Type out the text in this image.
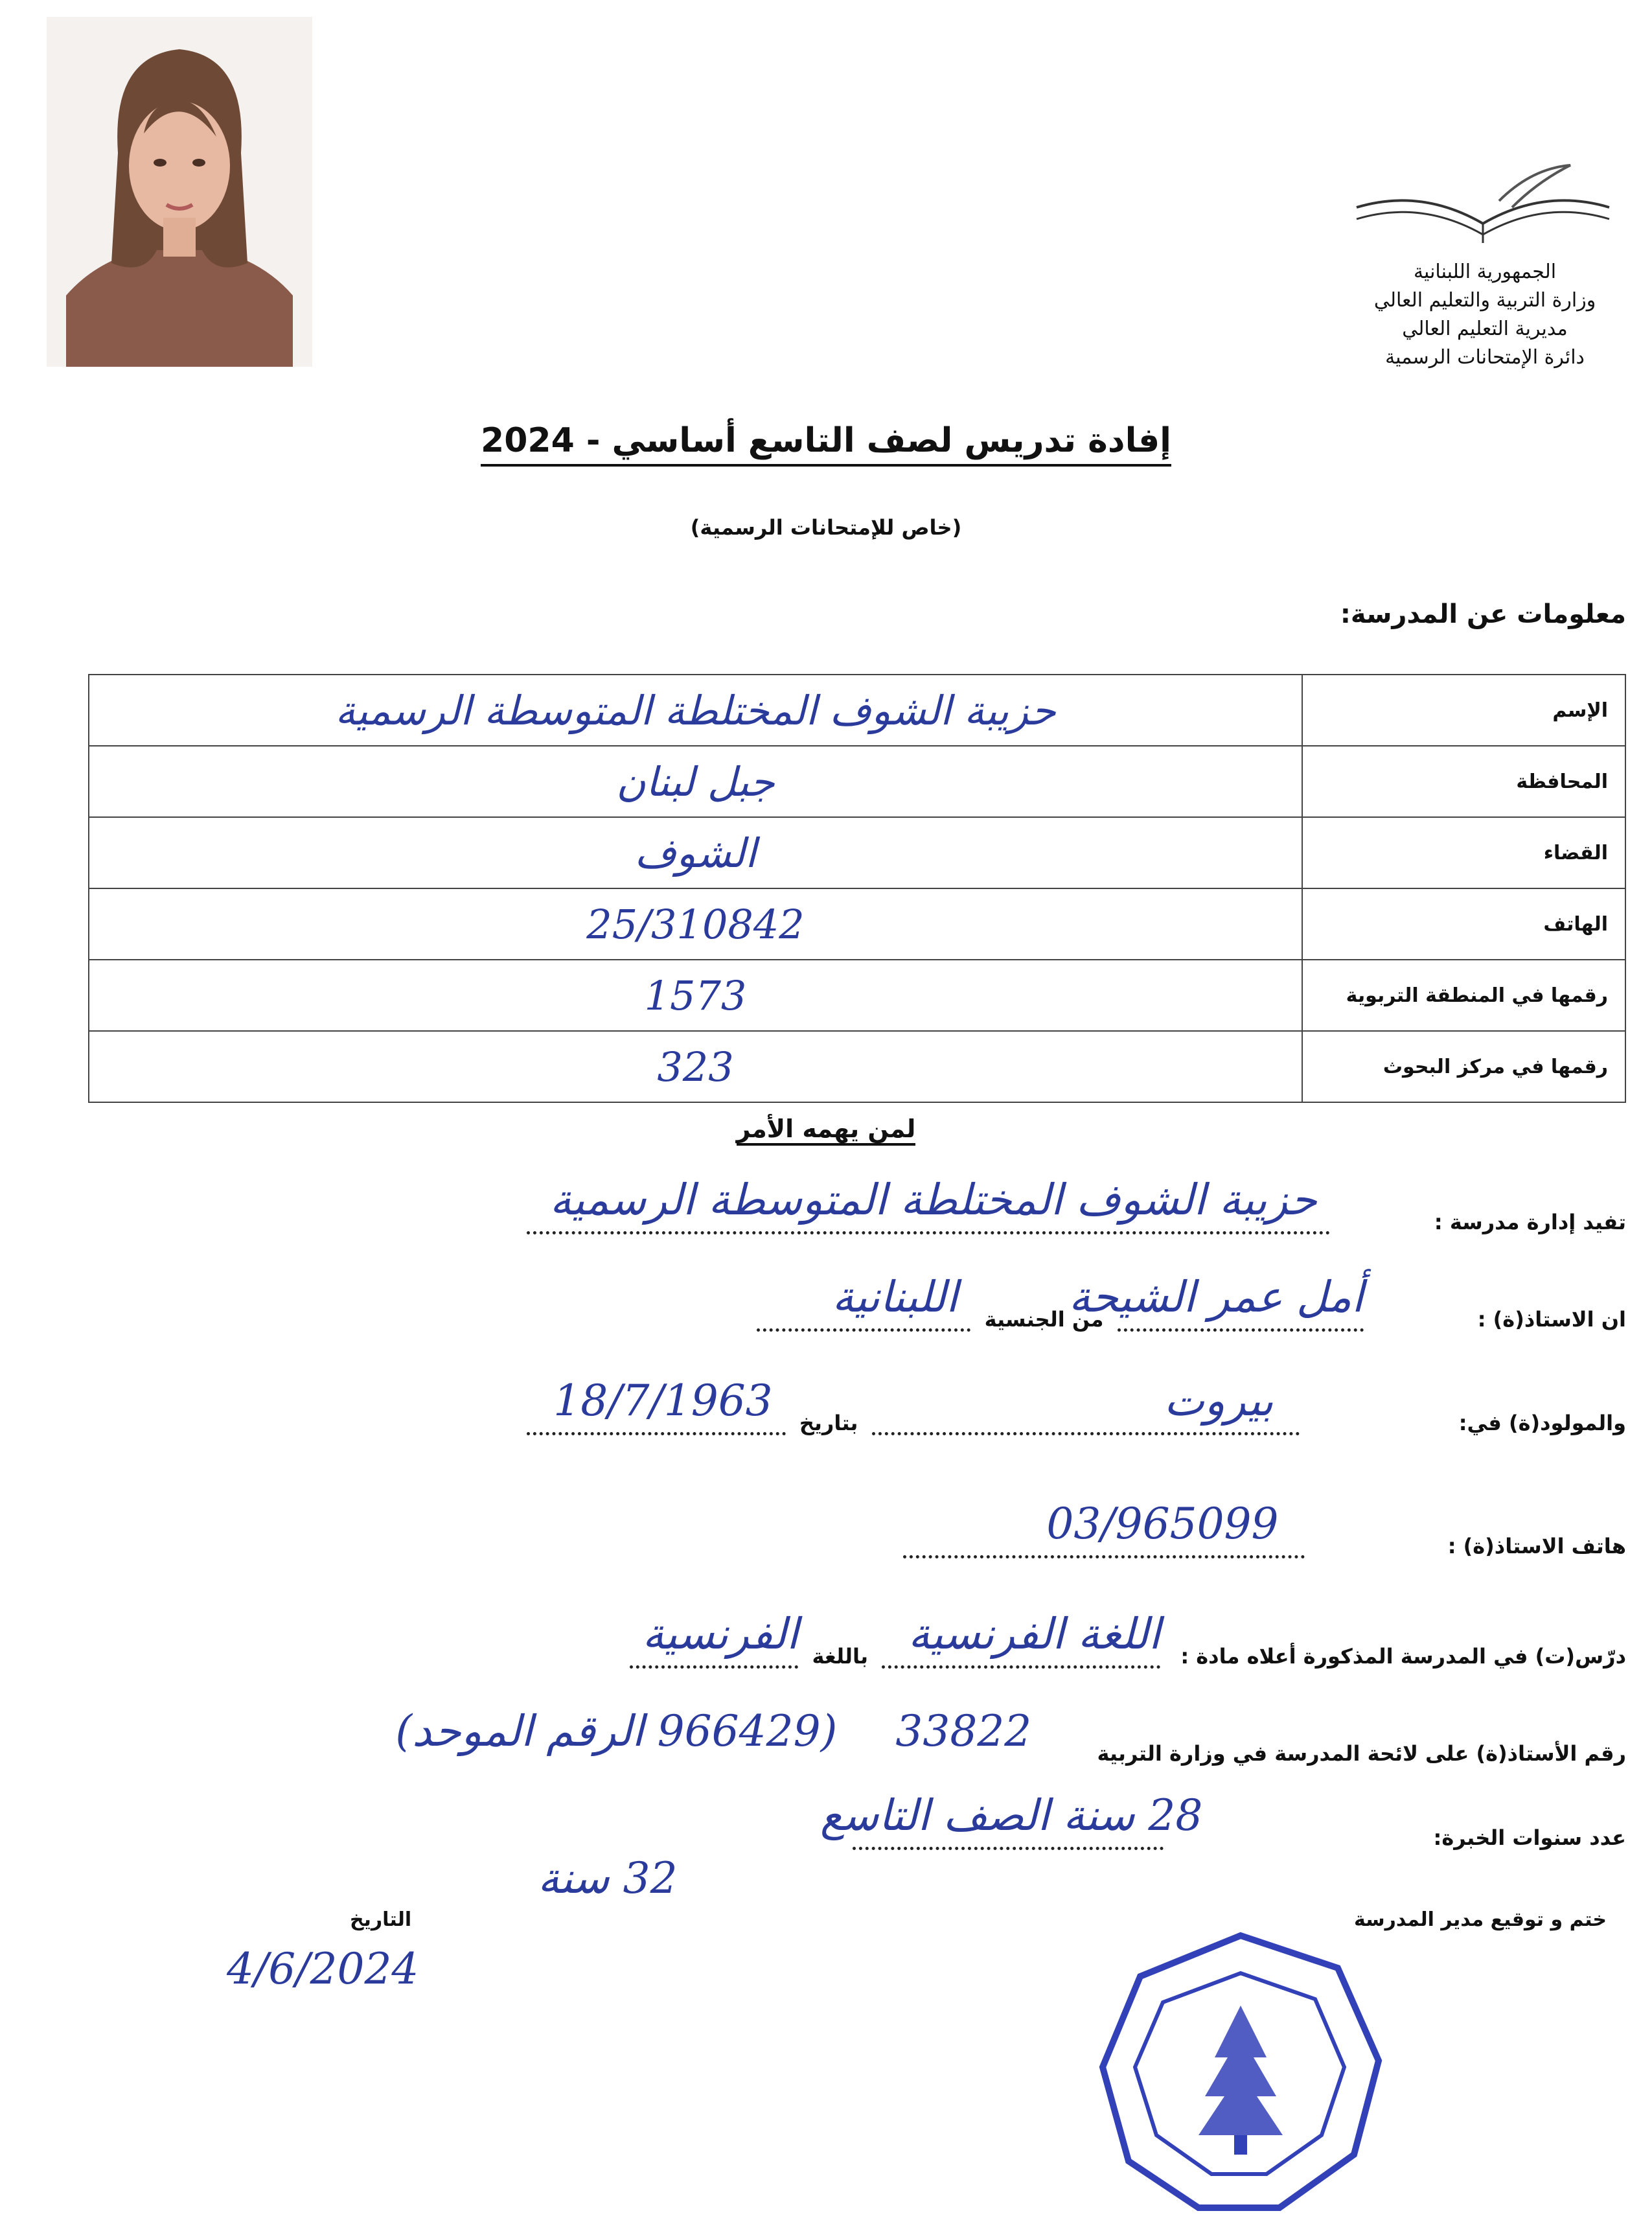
الجمهورية اللبنانية
وزارة التربية والتعليم العالي
مديرية التعليم العالي
دائرة الإمتحانات الرسمية
إفادة تدريس لصف التاسع أساسي - 2024
(خاص للإمتحانات الرسمية)
معلومات عن المدرسة:
الإسم	حزيبة الشوف المختلطة المتوسطة الرسمية
المحافظة	جبل لبنان
القضاء	الشوف
الهاتف	25/310842
رقمها في المنطقة التربوية	1573
رقمها في مركز البحوث	323
لمن يهمه الأمر
تفيد إدارة مدرسة :
حزيبة الشوف المختلطة المتوسطة الرسمية
ان الاستاذ(ة) :
أمل عمر الشيحة
من الجنسية
اللبنانية
والمولود(ة) في:
بيروت
بتاريخ
18/7/1963
هاتف الاستاذ(ة) :
03/965099
درّس(ت) في المدرسة المذكورة أعلاه مادة :
اللغة الفرنسية
باللغة
الفرنسية
رقم الأستاذ(ة) على لائحة المدرسة في وزارة التربية
33822
(966429 الرقم الموحد)
عدد سنوات الخبرة:
28 سنة الصف التاسع
32 سنة
ختم و توقيع مدير المدرسة
التاريخ
4/6/2024
